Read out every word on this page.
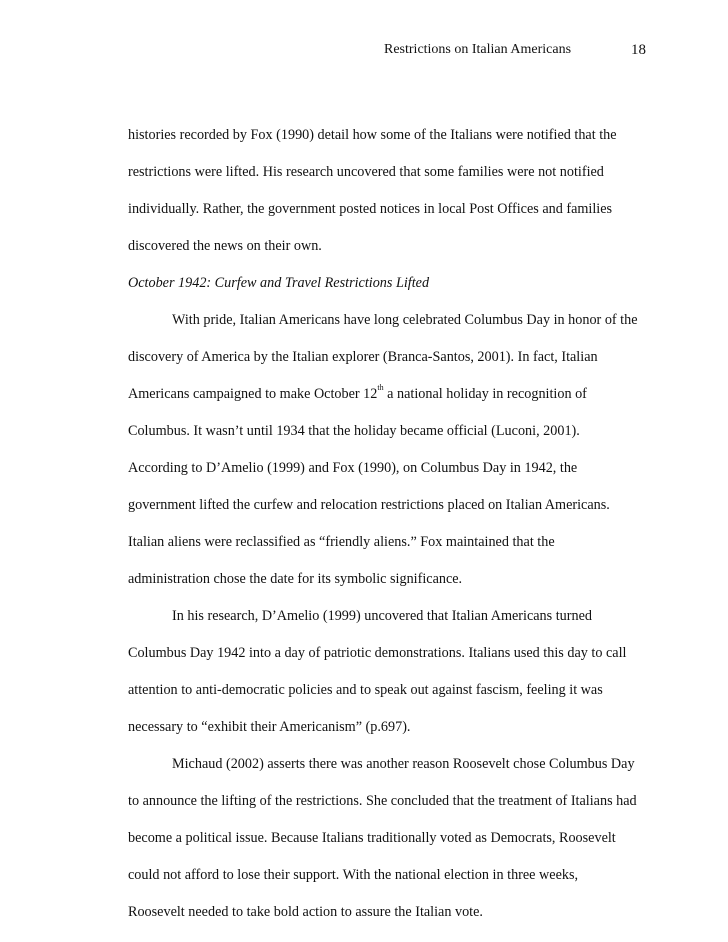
Restrictions on Italian Americans	18
histories recorded by Fox (1990) detail how some of the Italians were notified that the
restrictions were lifted. His research uncovered that some families were not notified
individually. Rather, the government posted notices in local Post Offices and families
discovered the news on their own.
October 1942: Curfew and Travel Restrictions Lifted
With pride, Italian Americans have long celebrated Columbus Day in honor of the
discovery of America by the Italian explorer (Branca-Santos, 2001). In fact, Italian
Americans campaigned to make October 12th a national holiday in recognition of
Columbus. It wasn’t until 1934 that the holiday became official (Luconi, 2001).
According to D’Amelio (1999) and Fox (1990), on Columbus Day in 1942, the
government lifted the curfew and relocation restrictions placed on Italian Americans.
Italian aliens were reclassified as “friendly aliens.” Fox maintained that the
administration chose the date for its symbolic significance.
In his research, D’Amelio (1999) uncovered that Italian Americans turned
Columbus Day 1942 into a day of patriotic demonstrations. Italians used this day to call
attention to anti-democratic policies and to speak out against fascism, feeling it was
necessary to “exhibit their Americanism” (p.697).
Michaud (2002) asserts there was another reason Roosevelt chose Columbus Day
to announce the lifting of the restrictions. She concluded that the treatment of Italians had
become a political issue. Because Italians traditionally voted as Democrats, Roosevelt
could not afford to lose their support. With the national election in three weeks,
Roosevelt needed to take bold action to assure the Italian vote.
